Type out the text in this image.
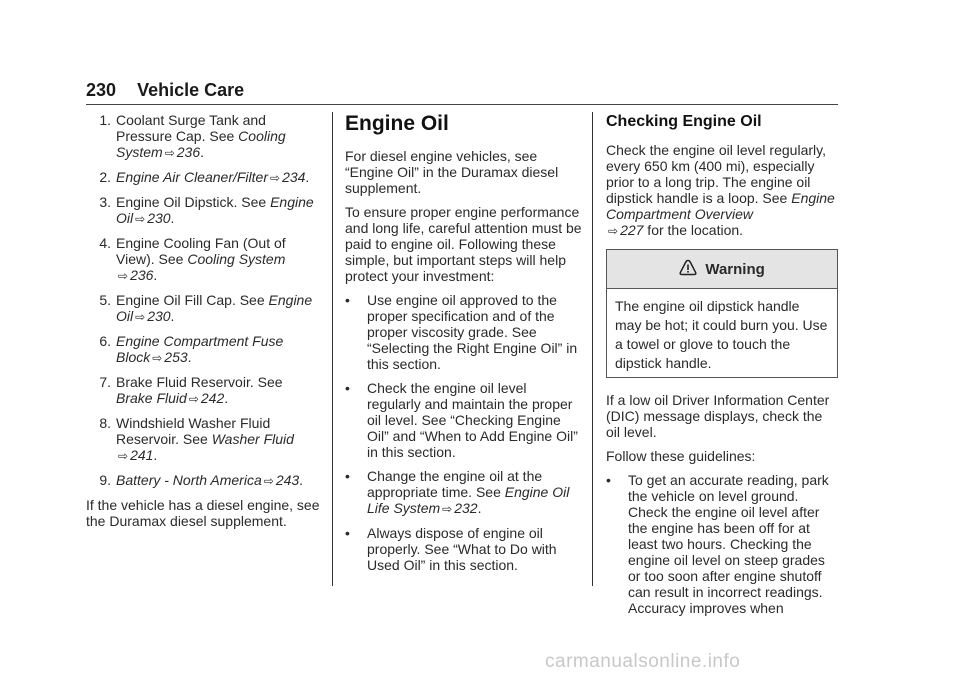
230 Vehicle Care
1. Coolant Surge Tank and Pressure Cap. See Cooling System ⇨ 236.
2. Engine Air Cleaner/Filter ⇨ 234.
3. Engine Oil Dipstick. See Engine Oil ⇨ 230.
4. Engine Cooling Fan (Out of View). See Cooling System
⇨ 236.
5. Engine Oil Fill Cap. See Engine Oil ⇨ 230.
6. Engine Compartment Fuse Block ⇨ 253.
7. Brake Fluid Reservoir. See Brake Fluid ⇨ 242.
8. Windshield Washer Fluid Reservoir. See Washer Fluid
⇨ 241.
9. Battery - North America ⇨ 243.

If the vehicle has a diesel engine, see the Duramax diesel supplement.

Engine Oil

For diesel engine vehicles, see “Engine Oil” in the Duramax diesel supplement.

To ensure proper engine performance and long life, careful attention must be paid to engine oil. Following these simple, but important steps will help protect your investment:

•	Use engine oil approved to the proper specification and of the proper viscosity grade. See “Selecting the Right Engine Oil” in this section.
•	Check the engine oil level regularly and maintain the proper oil level. See “Checking Engine Oil” and “When to Add Engine Oil” in this section.
•	Change the engine oil at the appropriate time. See Engine Oil Life System ⇨ 232.
•	Always dispose of engine oil properly. See “What to Do with Used Oil” in this section.
Checking Engine Oil

Check the engine oil level regularly, every 650 km (400 mi), especially prior to a long trip. The engine oil dipstick handle is a loop. See Engine Compartment Overview
⇨ 227 for the location.

Warning
The engine oil dipstick handle may be hot; it could burn you. Use a towel or glove to touch the dipstick handle.

If a low oil Driver Information Center (DIC) message displays, check the oil level.

Follow these guidelines:

•	To get an accurate reading, park the vehicle on level ground. Check the engine oil level after the engine has been off for at least two hours. Checking the engine oil level on steep grades or too soon after engine shutoff can result in incorrect readings. Accuracy improves when
carmanualsonline.info
